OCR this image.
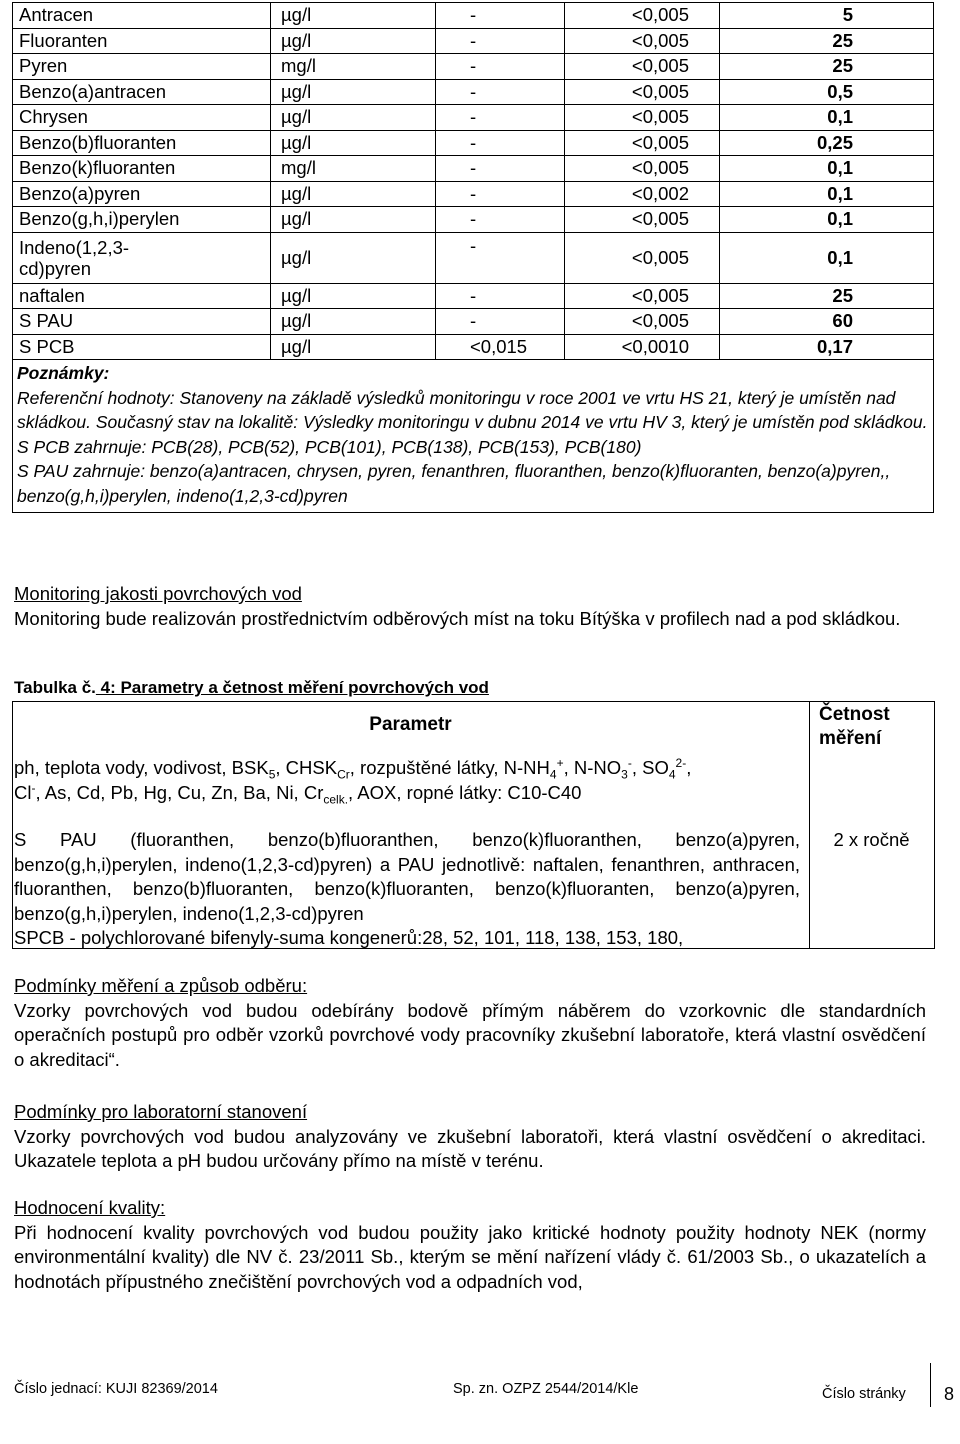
Antracen	µg/l	-	<0,005	5
Fluoranten	µg/l	-	<0,005	25
Pyren	mg/l	-	<0,005	25
Benzo(a)antracen	µg/l	-	<0,005	0,5
Chrysen	µg/l	-	<0,005	0,1
Benzo(b)fluoranten	µg/l	-	<0,005	0,25
Benzo(k)fluoranten	mg/l	-	<0,005	0,1
Benzo(a)pyren	µg/l	-	<0,002	0,1
Benzo(g,h,i)perylen	µg/l	-	<0,005	0,1
Indeno(1,2,3-
cd)pyren	µg/l	-	<0,005	0,1
naftalen	µg/l	-	<0,005	25
S PAU	µg/l	-	<0,005	60
S PCB	µg/l	<0,015	<0,0010	0,17

Poznámky:
Referenční hodnoty: Stanoveny na základě výsledků monitoringu v roce 2001 ve vrtu HS 21, který je umístěn nad skládkou. Současný stav na lokalitě: Výsledky monitoringu v dubnu 2014 ve vrtu HV 3, který je umístěn pod skládkou.
S PCB zahrnuje: PCB(28), PCB(52), PCB(101), PCB(138), PCB(153), PCB(180)
S PAU zahrnuje: benzo(a)antracen, chrysen, pyren, fenanthren, fluoranthen, benzo(k)fluoranten, benzo(a)pyren,, benzo(g,h,i)perylen, indeno(1,2,3-cd)pyren				
Monitoring jakosti povrchových vod
Monitoring bude realizován prostřednictvím odběrových míst na toku Bítýška v profilech nad a pod skládkou.
Tabulka č. 4: Parametry a četnost měření povrchových vod
Parametr	Četnost
měření
ph, teplota vody, vodivost, $BSK_5$, $CHSK_{Cr}$, rozpuštěné látky, $N-NH_4^+$, $N-NO_3^-$, $SO_4^{2-}$,
Cl-, As, Cd, Pb, Hg, Cu, Zn, Ba, Ni, $Cr_{celk.}$, AOX, ropné látky: C10-C40
S PAU (fluoranthen, benzo(b)fluoranthen, benzo(k)fluoranthen, benzo(a)pyren, benzo(g,h,i)perylen, indeno(1,2,3-cd)pyren) a PAU jednotlivě: naftalen, fenanthren, anthracen, fluoranthen, benzo(b)fluoranten, benzo(k)fluoranten, benzo(k)fluoranten, benzo(a)pyren, benzo(g,h,i)perylen, indeno(1,2,3-cd)pyren
SPCB - polychlorované bifenyly-suma kongenerů:28, 52, 101, 118, 138, 153, 180,
2 x ročně
Podmínky měření a způsob odběru:
Vzorky povrchových vod budou odebírány bodově přímým náběrem do vzorkovnic dle standardních operačních postupů pro odběr vzorků povrchové vody pracovníky zkušební laboratoře, která vlastní osvědčení o akreditaci“.
Podmínky pro laboratorní stanovení
Vzorky povrchových vod budou analyzovány ve zkušební laboratoři, která vlastní osvědčení o akreditaci. Ukazatele teplota a pH budou určovány přímo na místě v terénu.
Hodnocení kvality:
Při hodnocení kvality povrchových vod budou použity jako kritické hodnoty použity hodnoty NEK (normy environmentální kvality) dle NV č. 23/2011 Sb., kterým se mění nařízení vlády č. 61/2003 Sb., o ukazatelích a hodnotách přípustného znečištění povrchových vod a odpadních vod,
Číslo jednací: KUJI 82369/2014	Sp. zn. OZPZ 2544/2014/Kle	Číslo stránky 8
